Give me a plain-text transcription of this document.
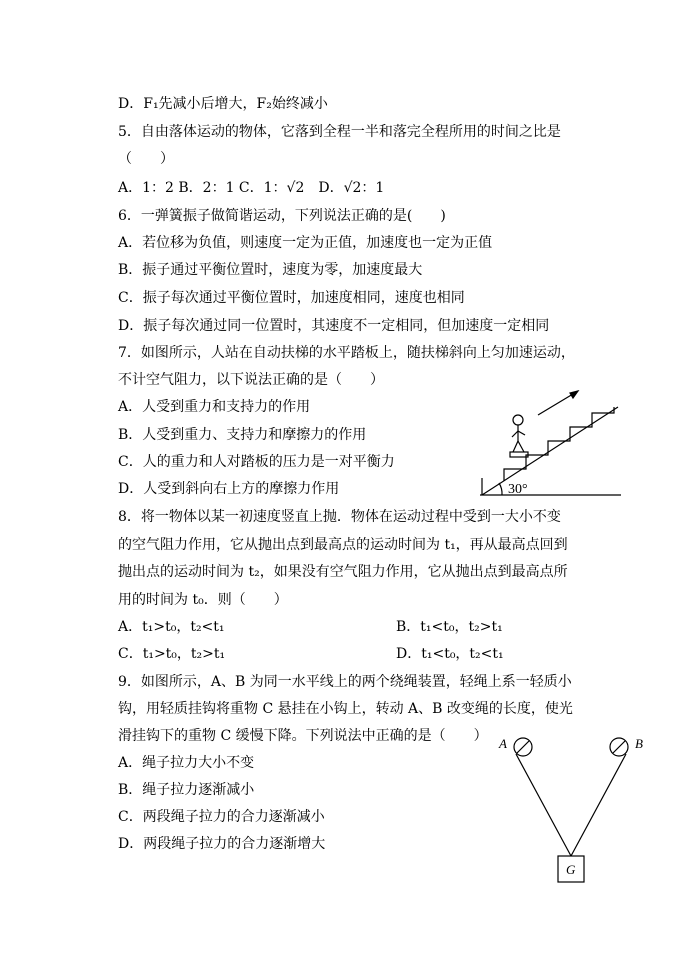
D．F₁先减小后增大，F₂始终减小
5．自由落体运动的物体，它落到全程一半和落完全程所用的时间之比是
（　　）
A．1：2 B．2：1 C．1：√2　D．√2：1
6．一弹簧振子做简谐运动，下列说法正确的是(　　)
A．若位移为负值，则速度一定为正值，加速度也一定为正值
B．振子通过平衡位置时，速度为零，加速度最大
C．振子每次通过平衡位置时，加速度相同，速度也相同
D．振子每次通过同一位置时，其速度不一定相同，但加速度一定相同
7．如图所示，人站在自动扶梯的水平踏板上，随扶梯斜向上匀加速运动，
不计空气阻力，以下说法正确的是（　　）
A．人受到重力和支持力的作用
B．人受到重力、支持力和摩擦力的作用
C．人的重力和人对踏板的压力是一对平衡力
D．人受到斜向右上方的摩擦力作用
8．将一物体以某一初速度竖直上抛．物体在运动过程中受到一大小不变
的空气阻力作用，它从抛出点到最高点的运动时间为 t₁，再从最高点回到
抛出点的运动时间为 t₂，如果没有空气阻力作用，它从抛出点到最高点所
用的时间为 t₀．则（　　）
A．t₁>t₀，t₂<t₁	B．t₁<t₀，t₂>t₁
C．t₁>t₀，t₂>t₁	D．t₁<t₀，t₂<t₁
9．如图所示，A、B 为同一水平线上的两个绕绳装置，轻绳上系一轻质小
钩，用轻质挂钩将重物 C 悬挂在小钩上，转动 A、B 改变绳的长度，使光
滑挂钩下的重物 C 缓慢下降。下列说法中正确的是（　　）
A．绳子拉力大小不变
B．绳子拉力逐渐减小
C．两段绳子拉力的合力逐渐减小
D．两段绳子拉力的合力逐渐增大
30°
A	B
G
